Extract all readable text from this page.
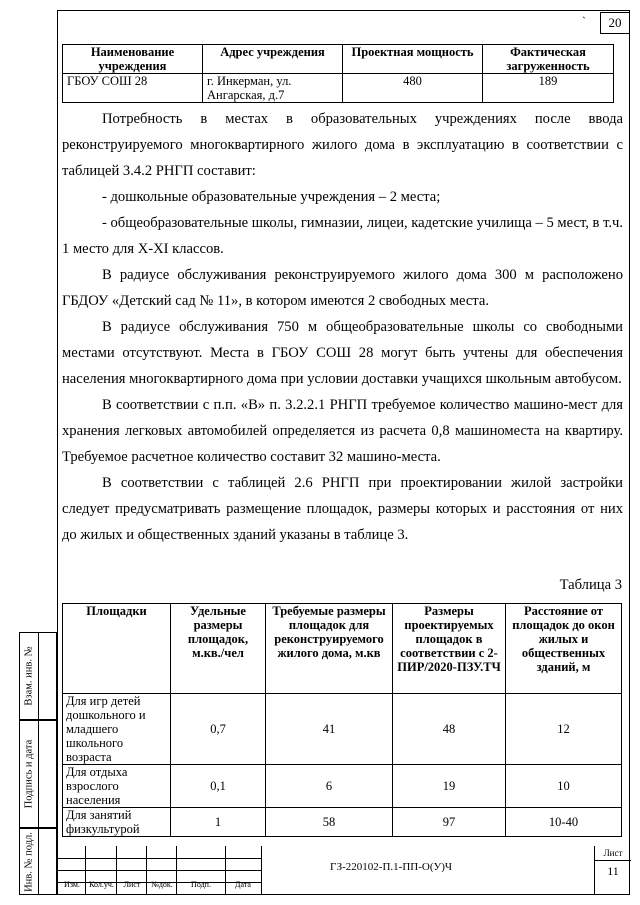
`	20
Наименование учреждения	Адрес учреждения	Проектная мощность	Фактическая загруженность
ГБОУ СОШ 28	г. Инкерман, ул. Ангарская, д.7	480	189

Потребность в местах в образовательных учреждениях после ввода реконструируемого многоквартирного жилого дома в эксплуатацию в соответствии с таблицей 3.4.2 РНГП составит:

- дошкольные образовательные учреждения – 2 места;

- общеобразовательные школы, гимназии, лицеи, кадетские училища – 5 мест, в т.ч. 1 место для X-XI классов.

В радиусе обслуживания реконструируемого жилого дома 300 м расположено ГБДОУ «Детский сад № 11», в котором имеются 2 свободных места.

В радиусе обслуживания 750 м общеобразовательные школы со свободными местами отсутствуют. Места в ГБОУ СОШ 28 могут быть учтены для обеспечения населения многоквартирного дома при условии доставки учащихся школьным автобусом.

В соответствии с п.п. «В» п. 3.2.2.1 РНГП требуемое количество машино-мест для хранения легковых автомобилей определяется из расчета 0,8 машиноместа на квартиру. Требуемое расчетное количество составит 32 машино-места.

В соответствии с таблицей 2.6 РНГП при проектировании жилой застройки следует предусматривать размещение площадок, размеры которых и расстояния от них до жилых и общественных зданий указаны в таблице 3.

Таблица 3
Площадки	Удельные размеры площадок, м.кв./чел	Требуемые размеры площадок для реконструируемого жилого дома, м.кв	Размеры проектируемых площадок в соответствии с 2-ПИР/2020-ПЗУ.ТЧ	Расстояние от площадок до окон жилых и общественных зданий, м
Для игр детей дошкольного и младшего школьного возраста	0,7	41	48	12
Для отдыха взрослого населения	0,1	6	19	10
Для занятий физкультурой	1	58	97	10-40
Взам. инв. №
Подпись и дата
Инв. № подл.	Изм.	Кол.уч.	Лист	№док.	Подп.	Дата
ГЗ-220102-П.1-ПП-О(У)Ч
Лист
11
